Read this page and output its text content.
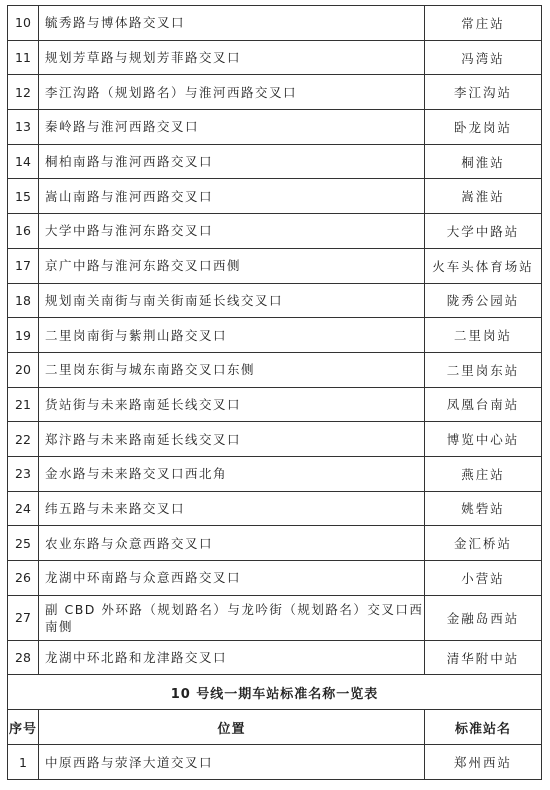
10	毓秀路与博体路交叉口	常庄站
11	规划芳草路与规划芳菲路交叉口	冯湾站
12	李江沟路（规划路名）与淮河西路交叉口	李江沟站
13	秦岭路与淮河西路交叉口	卧龙岗站
14	桐柏南路与淮河西路交叉口	桐淮站
15	嵩山南路与淮河西路交叉口	嵩淮站
16	大学中路与淮河东路交叉口	大学中路站
17	京广中路与淮河东路交叉口西侧	火车头体育场站
18	规划南关南街与南关街南延长线交叉口	陇秀公园站
19	二里岗南街与紫荆山路交叉口	二里岗站
20	二里岗东街与城东南路交叉口东侧	二里岗东站
21	货站街与未来路南延长线交叉口	凤凰台南站
22	郑汴路与未来路南延长线交叉口	博览中心站
23	金水路与未来路交叉口西北角	燕庄站
24	纬五路与未来路交叉口	姚砦站
25	农业东路与众意西路交叉口	金汇桥站
26	龙湖中环南路与众意西路交叉口	小营站
27	副 CBD 外环路（规划路名）与龙吟街（规划路名）交叉口西南侧	金融岛西站
28	龙湖中环北路和龙津路交叉口	清华附中站
10 号线一期车站标准名称一览表		
序号	位置	标准站名
1	中原西路与荥泽大道交叉口	郑州西站
